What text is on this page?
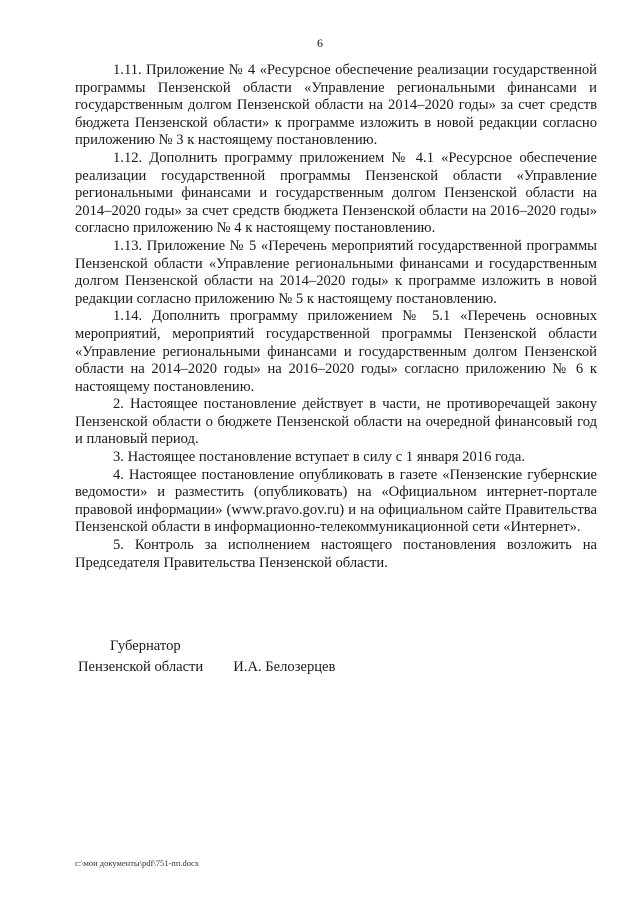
6

1.11. Приложение № 4 «Ресурсное обеспечение реализации государственной программы Пензенской области «Управление региональными финансами и государственным долгом Пензенской области на 2014–2020 годы» за счет средств бюджета Пензенской области» к программе изложить в новой редакции согласно приложению № 3 к настоящему постановлению.

1.12. Дополнить программу приложением № 4.1 «Ресурсное обеспечение реализации государственной программы Пензенской области «Управление региональными финансами и государственным долгом Пензенской области на 2014–2020 годы» за счет средств бюджета Пензенской области на 2016–2020 годы» согласно приложению № 4 к настоящему постановлению.

1.13. Приложение № 5 «Перечень мероприятий государственной программы Пензенской области «Управление региональными финансами и государственным долгом Пензенской области на 2014–2020 годы» к программе изложить в новой редакции согласно приложению № 5 к настоящему постановлению.

1.14. Дополнить программу приложением № 5.1 «Перечень основных мероприятий, мероприятий государственной программы Пензенской области «Управление региональными финансами и государственным долгом Пензенской области на 2014–2020 годы» на 2016–2020 годы» согласно приложению № 6 к настоящему постановлению.

2. Настоящее постановление действует в части, не противоречащей закону Пензенской области о бюджете Пензенской области на очередной финансовый год и плановый период.

3. Настоящее постановление вступает в силу с 1 января 2016 года.

4. Настоящее постановление опубликовать в газете «Пензенские губернские ведомости» и разместить (опубликовать) на «Официальном интернет-портале правовой информации» (www.pravo.gov.ru) и на официальном сайте Правительства Пензенской области в информационно-телекоммуникационной сети «Интернет».

5. Контроль за исполнением настоящего постановления возложить на Председателя Правительства Пензенской области.

Губернатор
Пензенской области И.А. Белозерцев
c:\мои документы\pdf\751-пп.docx
